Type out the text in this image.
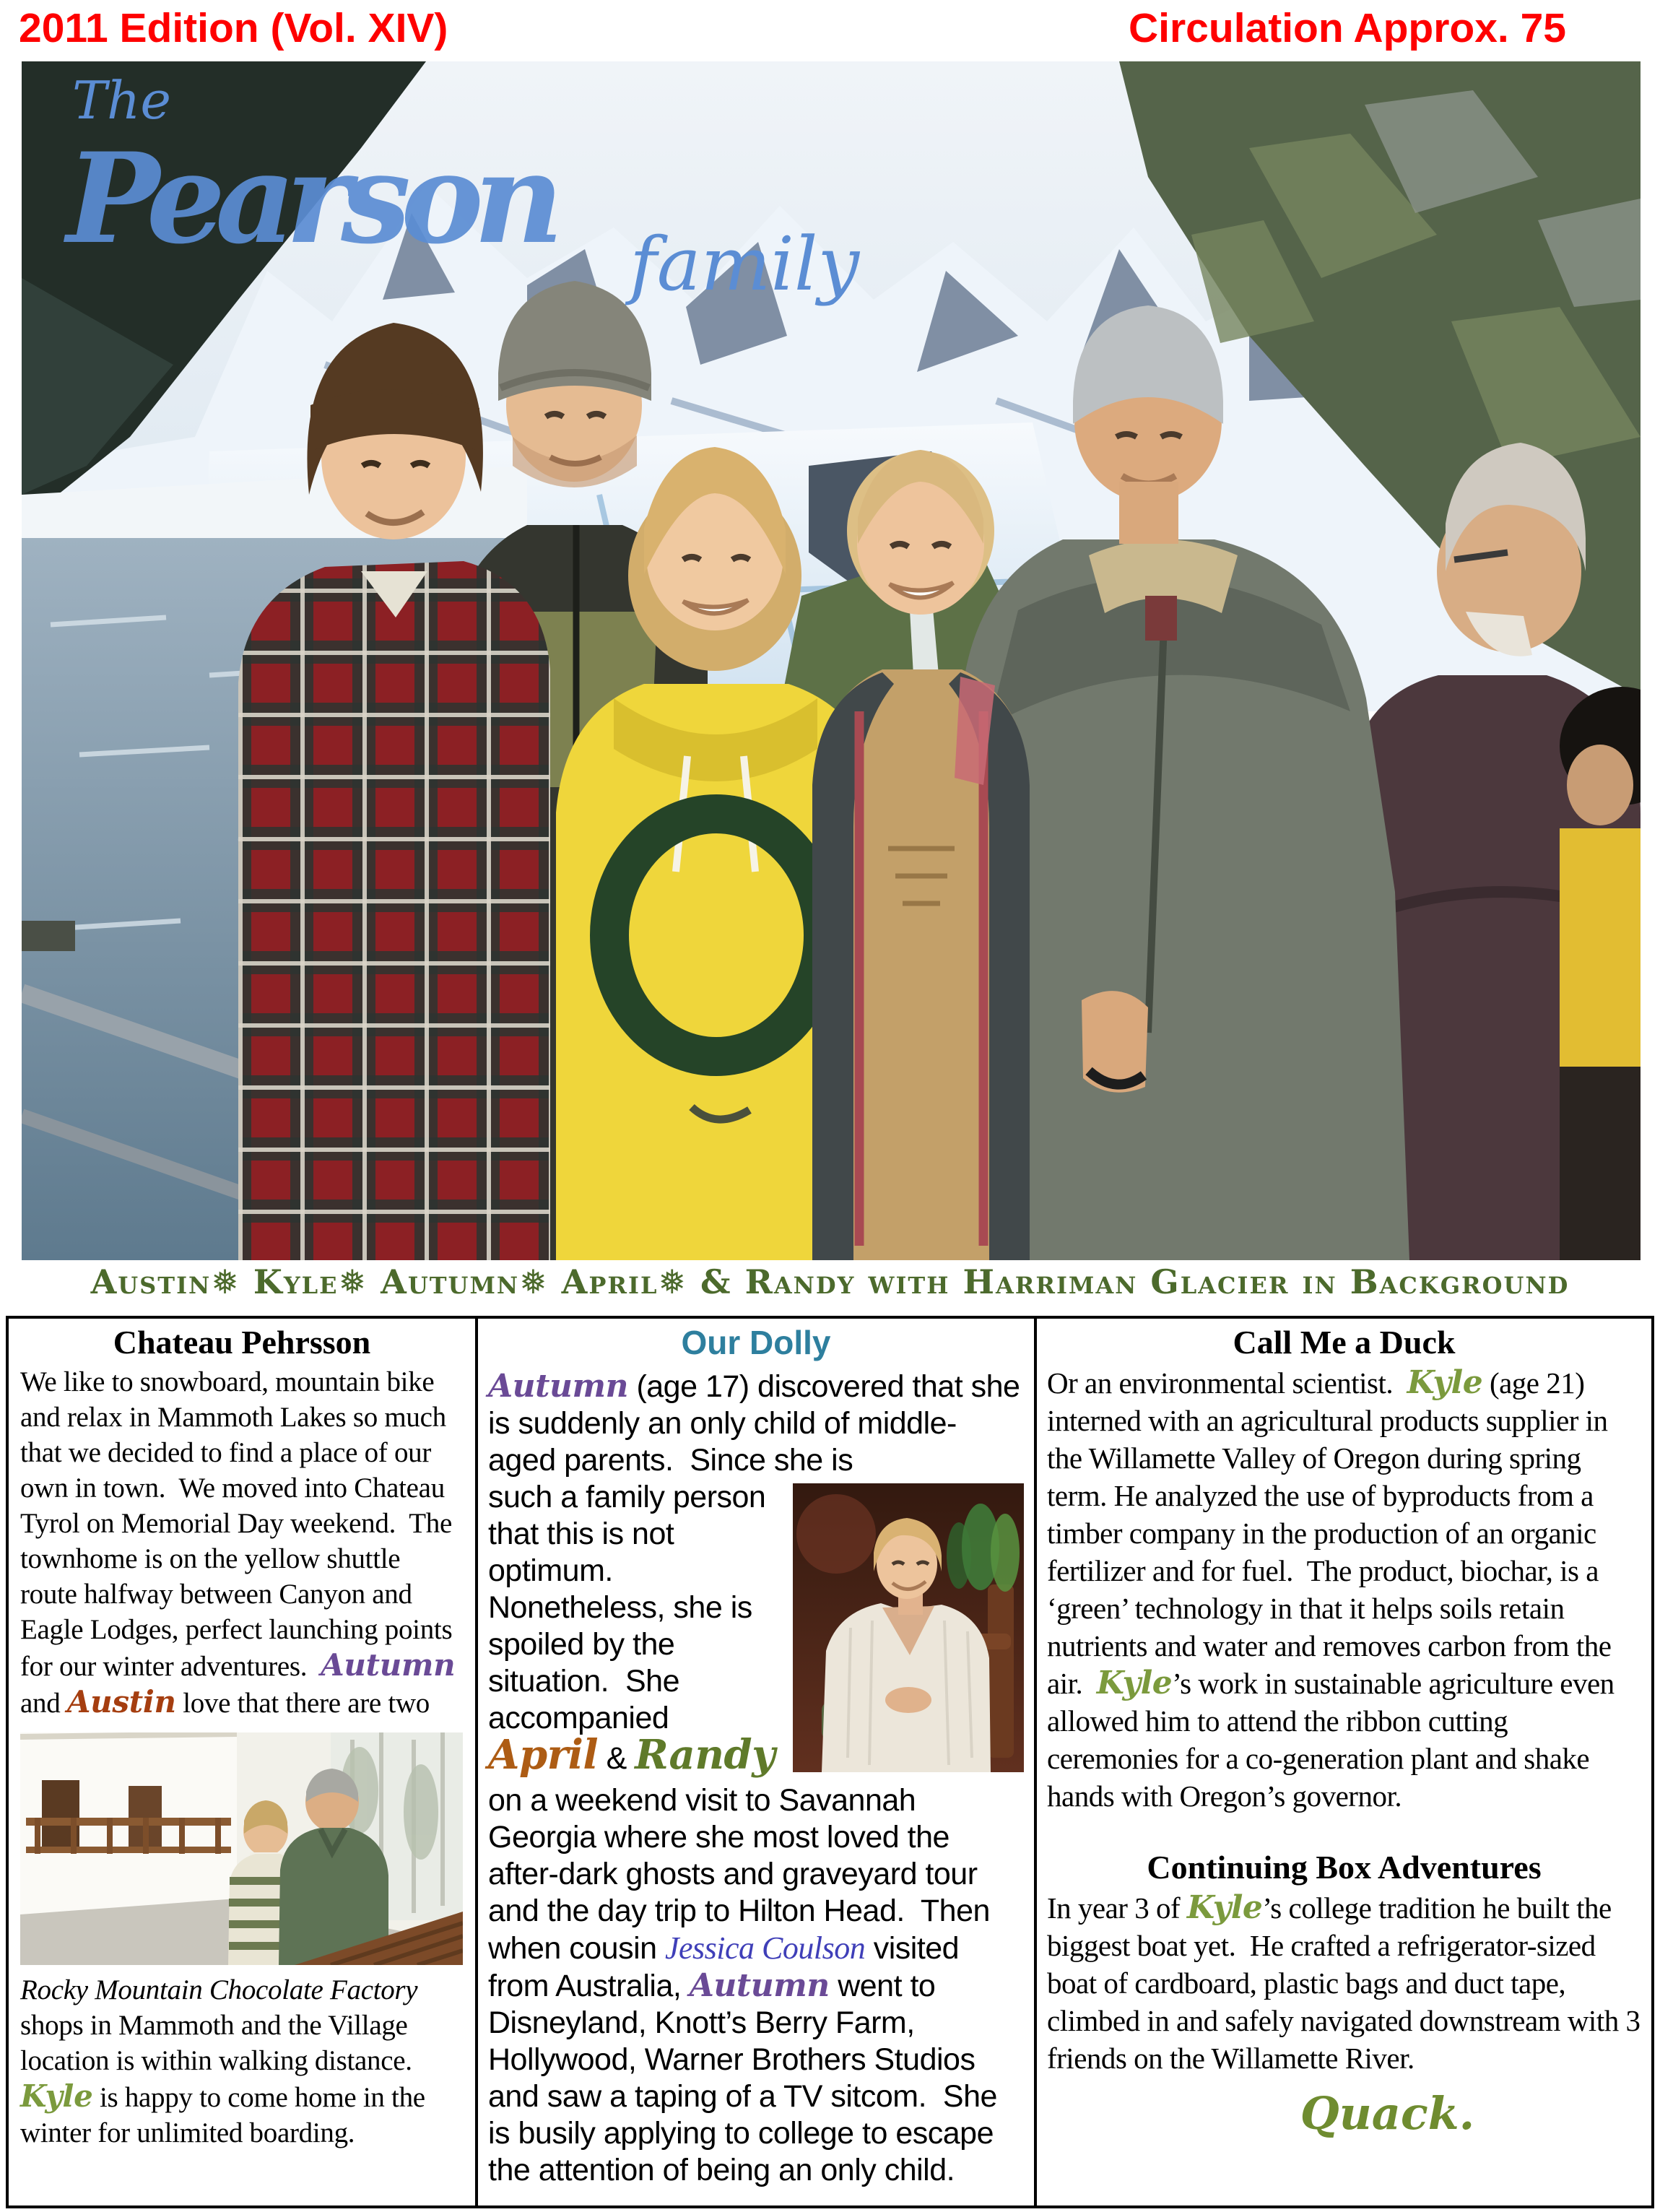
2011 Edition (Vol. XIV)	Circulation Approx. 75
The
Pearson family
Austin❅ Kyle❅ Autumn❅ April❅ & Randy with Harriman Glacier in Background
Chateau Pehrsson

We like to snowboard, mountain bike and relax in Mammoth Lakes so much that we decided to find a place of our own in town.  We moved into Chateau Tyrol on Memorial Day weekend.  The townhome is on the yellow shuttle route halfway between Canyon and Eagle Lodges, perfect launching points for our winter adventures.  Autumn and Austin love that there are two

Rocky Mountain Chocolate Factory shops in Mammoth and the Village location is within walking distance. Kyle is happy to come home in the winter for unlimited boarding.

Our Dolly

Autumn (age 17) discovered that she is suddenly an only child of middle-aged parents.  Since she is

such a family person that this is not optimum.  Nonetheless, she is spoiled by the situation.  She accompanied April & Randy

on a weekend visit to Savannah Georgia where she most loved the after-dark ghosts and graveyard tour and the day trip to Hilton Head.  Then when cousin Jessica Coulson visited from Australia, Autumn went to Disneyland, Knott’s Berry Farm, Hollywood, Warner Brothers Studios and saw a taping of a TV sitcom.  She is busily applying to college to escape the attention of being an only child.

Call Me a Duck

Or an environmental scientist.  Kyle (age 21) interned with an agricultural products supplier in the Willamette Valley of Oregon during spring term. He analyzed the use of byproducts from a timber company in the production of an organic fertilizer and for fuel.  The product, biochar, is a ‘green’ technology in that it helps soils retain nutrients and water and removes carbon from the air.  Kyle’s work in sustainable agriculture even allowed him to attend the ribbon cutting ceremonies for a co-generation plant and shake hands with Oregon’s governor.

Continuing Box Adventures

In year 3 of Kyle’s college tradition he built the biggest boat yet.  He crafted a refrigerator-sized boat of cardboard, plastic bags and duct tape, climbed in and safely navigated downstream with 3 friends on the Willamette River.

Quack.
